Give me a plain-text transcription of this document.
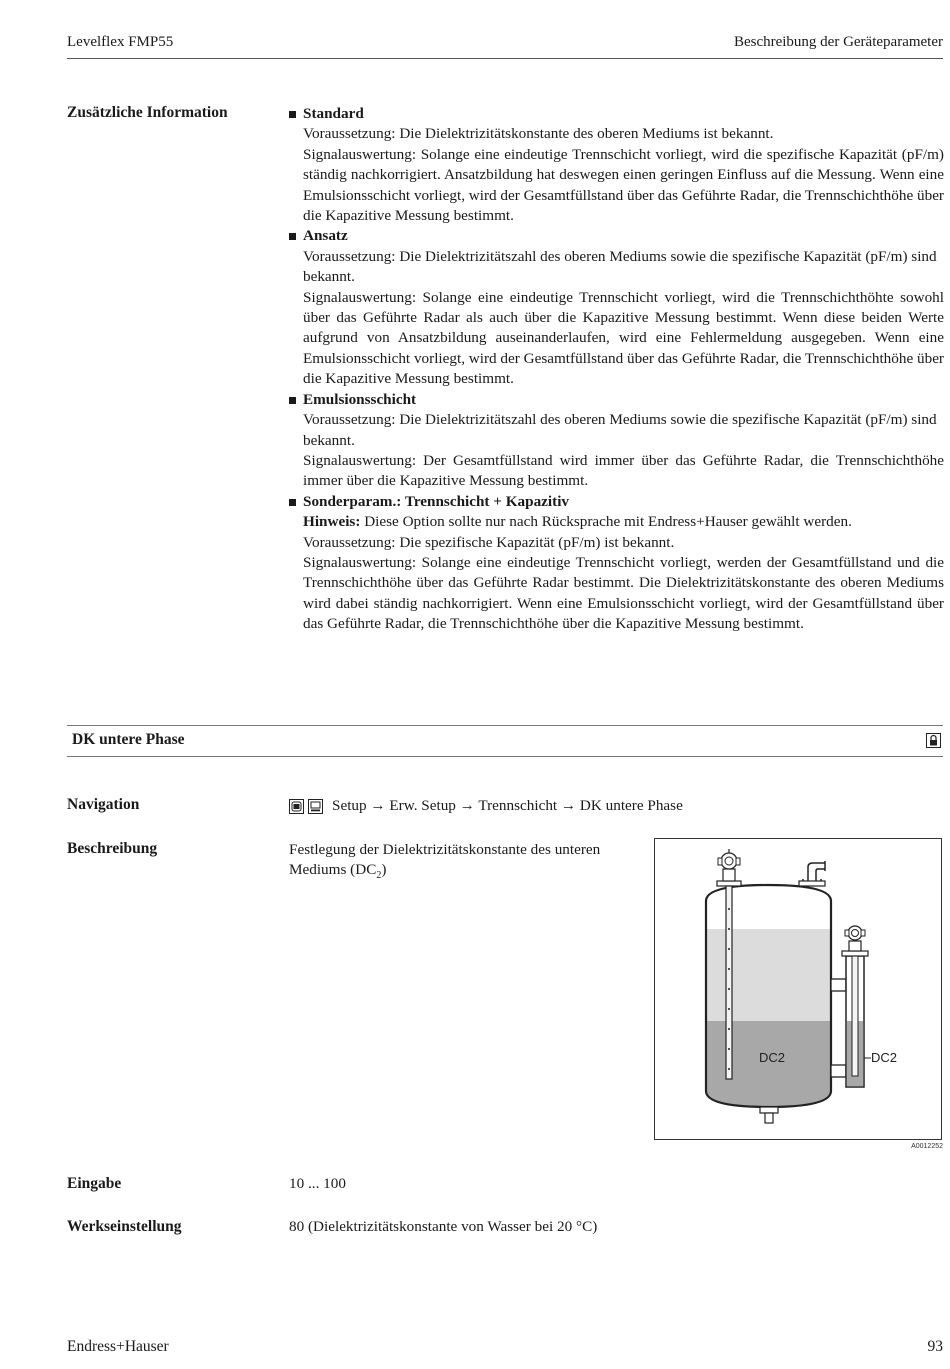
Levelflex FMP55	Beschreibung der Geräteparameter
Zusätzliche Information	Standard

Voraussetzung: Die Dielektrizitätskonstante des oberen Mediums ist bekannt.

Signalauswertung: Solange eine eindeutige Trennschicht vorliegt, wird die spezifische Kapazität (pF/m) ständig nachkorrigiert. Ansatzbildung hat deswegen einen geringen Einfluss auf die Messung. Wenn eine Emulsionsschicht vorliegt, wird der Gesamtfüllstand über das Geführte Radar, die Trennschichthöhe über die Kapazitive Messung bestimmt.

Ansatz

Voraussetzung: Die Dielektrizitätszahl des oberen Mediums sowie die spezifische Kapazität (pF/m) sind bekannt.

Signalauswertung: Solange eine eindeutige Trennschicht vorliegt, wird die Trennschichthöhte sowohl über das Geführte Radar als auch über die Kapazitive Messung bestimmt. Wenn diese beiden Werte aufgrund von Ansatzbildung auseinanderlaufen, wird eine Fehlermeldung ausgegeben. Wenn eine Emulsionsschicht vorliegt, wird der Gesamtfüllstand über das Geführte Radar, die Trennschichthöhe über die Kapazitive Messung bestimmt.

Emulsionsschicht

Voraussetzung: Die Dielektrizitätszahl des oberen Mediums sowie die spezifische Kapazität (pF/m) sind bekannt.

Signalauswertung: Der Gesamtfüllstand wird immer über das Geführte Radar, die Trennschichthöhe immer über die Kapazitive Messung bestimmt.

Sonderparam.: Trennschicht + Kapazitiv

Hinweis: Diese Option sollte nur nach Rücksprache mit Endress+Hauser gewählt werden.

Voraussetzung: Die spezifische Kapazität (pF/m) ist bekannt.

Signalauswertung: Solange eine eindeutige Trennschicht vorliegt, werden der Gesamtfüllstand und die Trennschichthöhe über das Geführte Radar bestimmt. Die Dielektrizitätskonstante des oberen Mediums wird dabei ständig nachkorrigiert. Wenn eine Emulsionsschicht vorliegt, wird der Gesamtfüllstand über das Geführte Radar, die Trennschichthöhe über die Kapazitive Messung bestimmt.

DK untere Phase
Navigation	Setup → Erw. Setup → Trennschicht → DK untere Phase
Beschreibung	Festlegung der Dielektrizitätskonstante des unteren Mediums $(DC_2)$
DC2	DC2
A0012252
Eingabe	10 ... 100
Werkseinstellung	80 (Dielektrizitätskonstante von Wasser bei 20 °C)
Endress+Hauser	93
